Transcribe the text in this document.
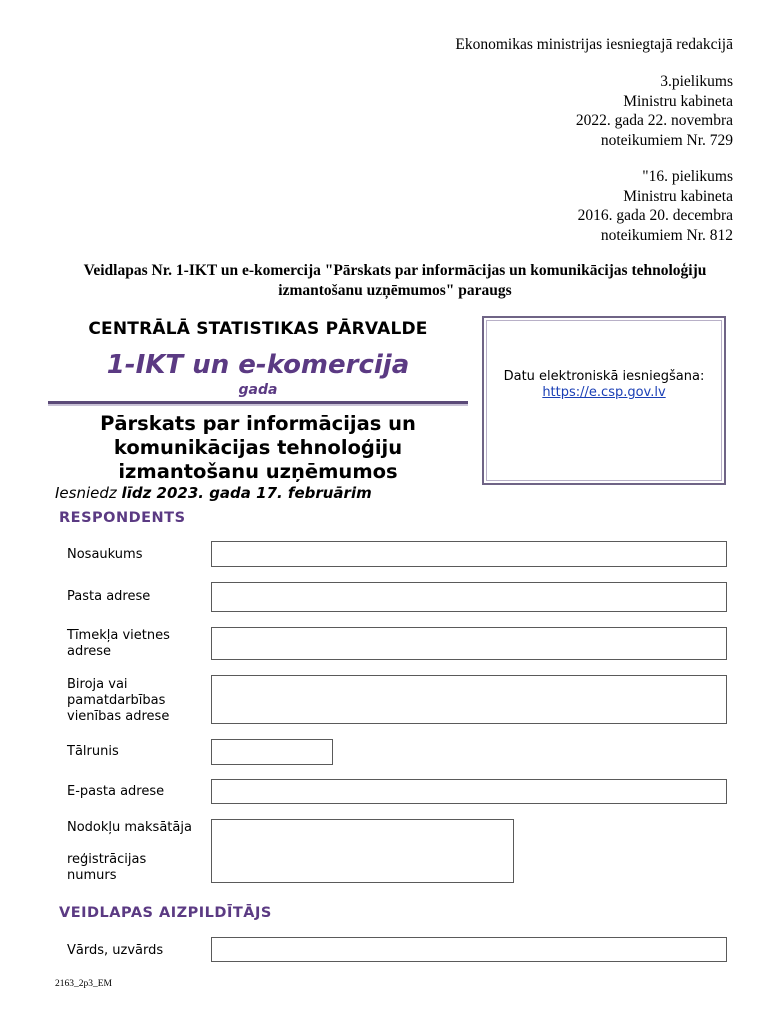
Ekonomikas ministrijas iesniegtajā redakcijā
3.pielikums
Ministru kabineta
2022. gada 22. novembra
noteikumiem Nr. 729
"16. pielikums
Ministru kabineta
2016. gada 20. decembra
noteikumiem Nr. 812
Veidlapas Nr. 1-IKT un e-komercija "Pārskats par informācijas un komunikācijas tehnoloģiju izmantošanu uzņēmumos" paraugs
CENTRĀLĀ STATISTIKAS PĀRVALDE
1-IKT un e-komercija
gada
Pārskats par informācijas un komunikācijas tehnoloģiju izmantošanu uzņēmumos
Iesniedz līdz 2023. gada 17. februārim
Datu elektroniskā iesniegšana:
https://e.csp.gov.lv
RESPONDENTS
Nosaukums
Pasta adrese
Tīmekļa vietnes adrese
Biroja vai pamatdarbības vienības adrese
Tālrunis
E-pasta adrese
Nodokļu maksātāja
reģistrācijas numurs
VEIDLAPAS AIZPILDĪTĀJS
Vārds, uzvārds
2163_2p3_EM
